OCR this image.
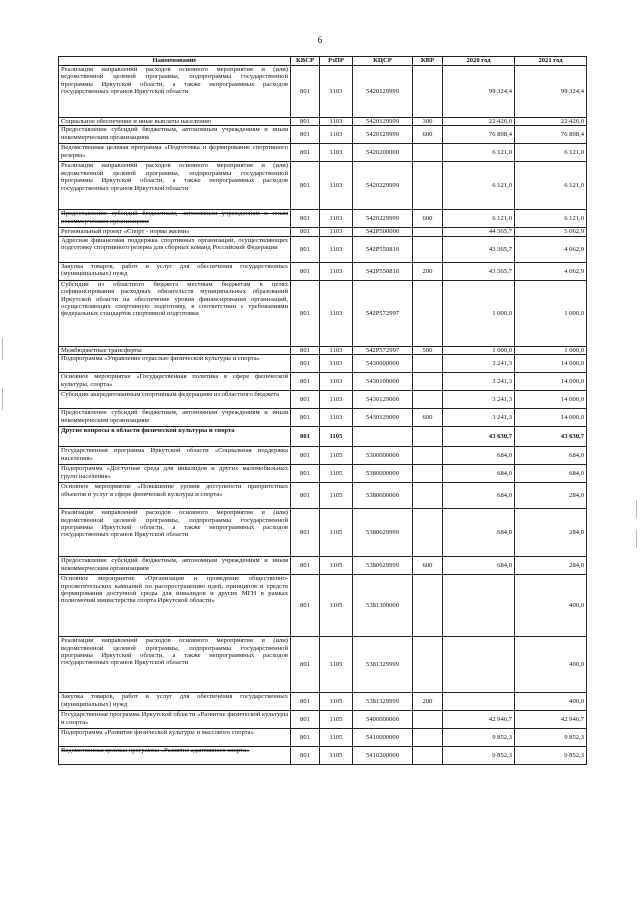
6
Наименование	КВСР	РзПР	КЦСР	КВР	2020 год	2021 год
Реализация направлений расходов основного мероприятия и (или) ведомственной целевой программы, подпрограммы государственной программы Иркутской области, а также непрограммных расходов государственных органов Иркутской области	801	1103	5420129999		99 324,4	99 324,4
Социальное обеспечение и иные выплаты населению	801	1103	5420129999	300	22 426,0	22 426,0
Предоставление субсидий бюджетным, автономным учреждениям и иным некоммерческим организациям	801	1103	5420129999	600	76 898,4	76 898,4
Ведомственная целевая программа «Подготовка и формирование спортивного резерва»	801	1103	5420200000		6 121,0	6 121,0
Реализация направлений расходов основного мероприятия и (или) ведомственной целевой программы, подпрограммы государственной программы Иркутской области, а также непрограммных расходов государственных органов Иркутской области	801	1103	5420229999		6 121,0	6 121,0
Предоставление субсидий бюджетным, автономным учреждениям и иным некоммерческим организациям	801	1103	5420229999	600	6 121,0	6 121,0
Региональный проект «Спорт - норма жизни»	801	1103	542P500000		44 365,7	5 062,9
Адресная финансовая поддержка спортивных организаций, осуществляющих подготовку спортивного резерва для сборных команд Российской Федерации	801	1103	542P550810		43 365,7	4 062,9
Закупка товаров, работ и услуг для обеспечения государственных (муниципальных) нужд	801	1103	542P550810	200	43 365,7	4 062,9
Субсидии из областного бюджета местным бюджетам в целях софинансирования расходных обязательств муниципальных образований Иркутской области на обеспечение уровня финансирования организаций, осуществляющих спортивную подготовку, в соответствии с требованиями федеральных стандартов спортивной подготовки	801	1103	542P572997		1 000,0	1 000,0
Межбюджетные трансферты	801	1103	542P572997	500	1 000,0	1 000,0
Подпрограмма «Управление отраслью физической культуры и спорта»	801	1103	5430000000		3 241,3	14 000,0
Основное мероприятие «Государственная политика в сфере физической культуры, спорта»	801	1103	5430100000		3 241,3	14 000,0
Субсидии аккредитованным спортивным федерациям из областного бюджета	801	1103	5430129000		3 241,3	14 000,0
Предоставление субсидий бюджетным, автономным учреждениям и иным некоммерческим организациям	801	1103	5430129000	600	3 241,3	14 000,0
Другие вопросы в области физической культуры и спорта	801	1105			43 630,7	43 630,7
Государственная программа Иркутской области «Социальная поддержка населения»	801	1105	5300000000		684,0	684,0
Подпрограмма «Доступная среда для инвалидов и других маломобильных групп населения»	801	1105	5380000000		684,0	684,0
Основное мероприятие «Повышение уровня доступности приоритетных объектов и услуг в сфере физической культуры и спорта»	801	1105	5380600000		684,0	284,0
Реализация направлений расходов основного мероприятия и (или) ведомственной целевой программы, подпрограммы государственной программы Иркутской области, а также непрограммных расходов государственных органов Иркутской области	801	1105	5380629999		684,0	284,0
Предоставление субсидий бюджетным, автономным учреждениям и иным некоммерческим организациям	801	1105	5380629999	600	684,0	284,0
Основное мероприятие «Организация и проведение общественно-просветительских кампаний по распространению идей, принципов и средств формирования доступной среды для инвалидов и других МГН в рамках полномочий министерства спорта Иркутской области»	801	1105	5381300000			400,0
Реализация направлений расходов основного мероприятия и (или) ведомственной целевой программы, подпрограммы государственной программы Иркутской области, а также непрограммных расходов государственных органов Иркутской области	801	1105	5381329999			400,0
Закупка товаров, работ и услуг для обеспечения государственных (муниципальных) нужд	801	1105	5381329999	200		400,0
Государственная программа Иркутской области «Развитие физической культуры и спорта»	801	1105	5400000000		42 946,7	42 946,7
Подпрограмма «Развитие физической культуры и массового спорта»	801	1105	5410000000		9 852,3	9 852,3
Ведомственная целевая программа «Развитие адаптивного спорта»	801	1105	5410200000		9 852,3	9 852,3
